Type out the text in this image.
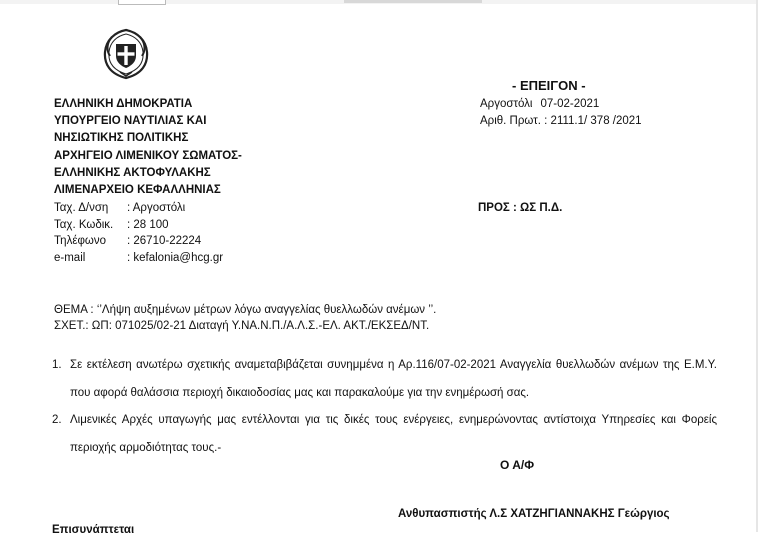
ΕΛΛΗΝΙΚΗ ΔΗΜΟΚΡΑΤΙΑ
ΥΠΟΥΡΓΕΙΟ ΝΑΥΤΙΛΙΑΣ ΚΑΙ
ΝΗΣΙΩΤΙΚΗΣ ΠΟΛΙΤΙΚΗΣ
ΑΡΧΗΓΕΙΟ ΛΙΜΕΝΙΚΟΥ ΣΩΜΑΤΟΣ-
ΕΛΛΗΝΙΚΗΣ ΑΚΤΟΦΥΛΑΚΗΣ
ΛΙΜΕΝΑΡΧΕΙΟ ΚΕΦΑΛΛΗΝΙΑΣ
Ταχ. Δ/νση	: Αργοστόλι
Ταχ. Κωδικ.	: 28 100
Τηλέφωνο	: 26710-22224
e-mail	: kefalonia@hcg.gr
- ΕΠΕΙΓΟΝ -
Αργοστόλι 07-02-2021
Αριθ. Πρωτ. : 2111.1/ 378 /2021
ΠΡΟΣ : ΩΣ Π.Δ.
ΘΕΜΑ : ‘’Λήψη αυξημένων μέτρων λόγω αναγγελίας θυελλωδών ανέμων ’’.
ΣΧΕΤ.: ΩΠ: 071025/02-21 Διαταγή Υ.ΝΑ.Ν.Π./Α.Λ.Σ.-ΕΛ. ΑΚΤ./ΕΚΣΕΔ/ΝΤ.
1. Σε εκτέλεση ανωτέρω σχετικής αναμεταβιβάζεται συνημμένα η Αρ.116/07-02-2021 Αναγγελία θυελλωδών ανέμων της Ε.Μ.Υ. που αφορά θαλάσσια περιοχή δικαιοδοσίας μας και παρακαλούμε για την ενημέρωσή σας.
2. Λιμενικές Αρχές υπαγωγής μας εντέλλονται για τις δικές τους ενέργειες, ενημερώνοντας αντίστοιχα Υπηρεσίες και Φορείς περιοχής αρμοδιότητας τους.-
Ο Α/Φ
Ανθυπασπιστής Λ.Σ ΧΑΤΖΗΓΙΑΝΝΑΚΗΣ Γεώργιος
Επισυνάπτεται
